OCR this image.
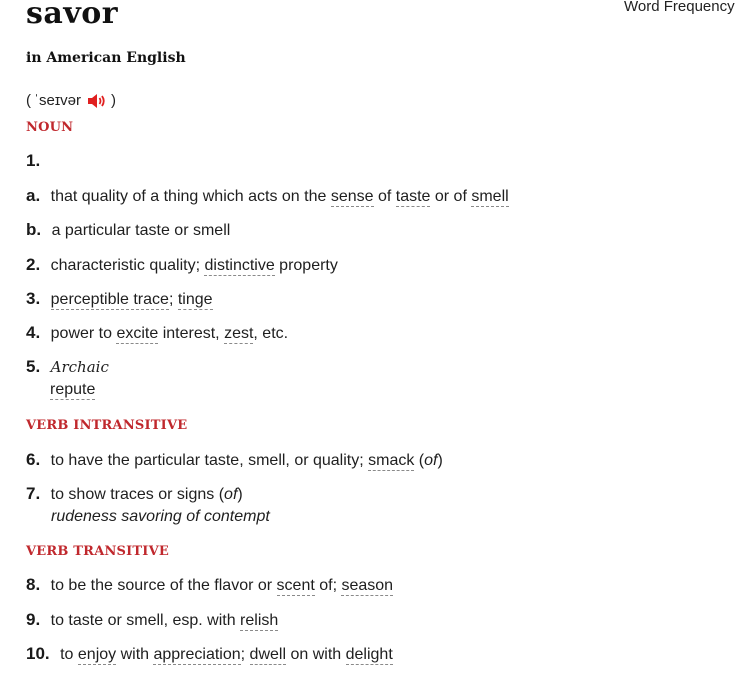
savor	Word Frequency
in American English
( ˈseɪvər )
NOUN
1.
a. that quality of a thing which acts on the sense of taste or of smell
b. a particular taste or smell
2. characteristic quality; distinctive property
3. perceptible trace; tinge
4. power to excite interest, zest, etc.
5. Archaic
repute
VERB INTRANSITIVE
6. to have the particular taste, smell, or quality; smack (of)
7. to show traces or signs (of)
rudeness savoring of contempt
VERB TRANSITIVE
8. to be the source of the flavor or scent of; season
9. to taste or smell, esp. with relish
10. to enjoy with appreciation; dwell on with delight
